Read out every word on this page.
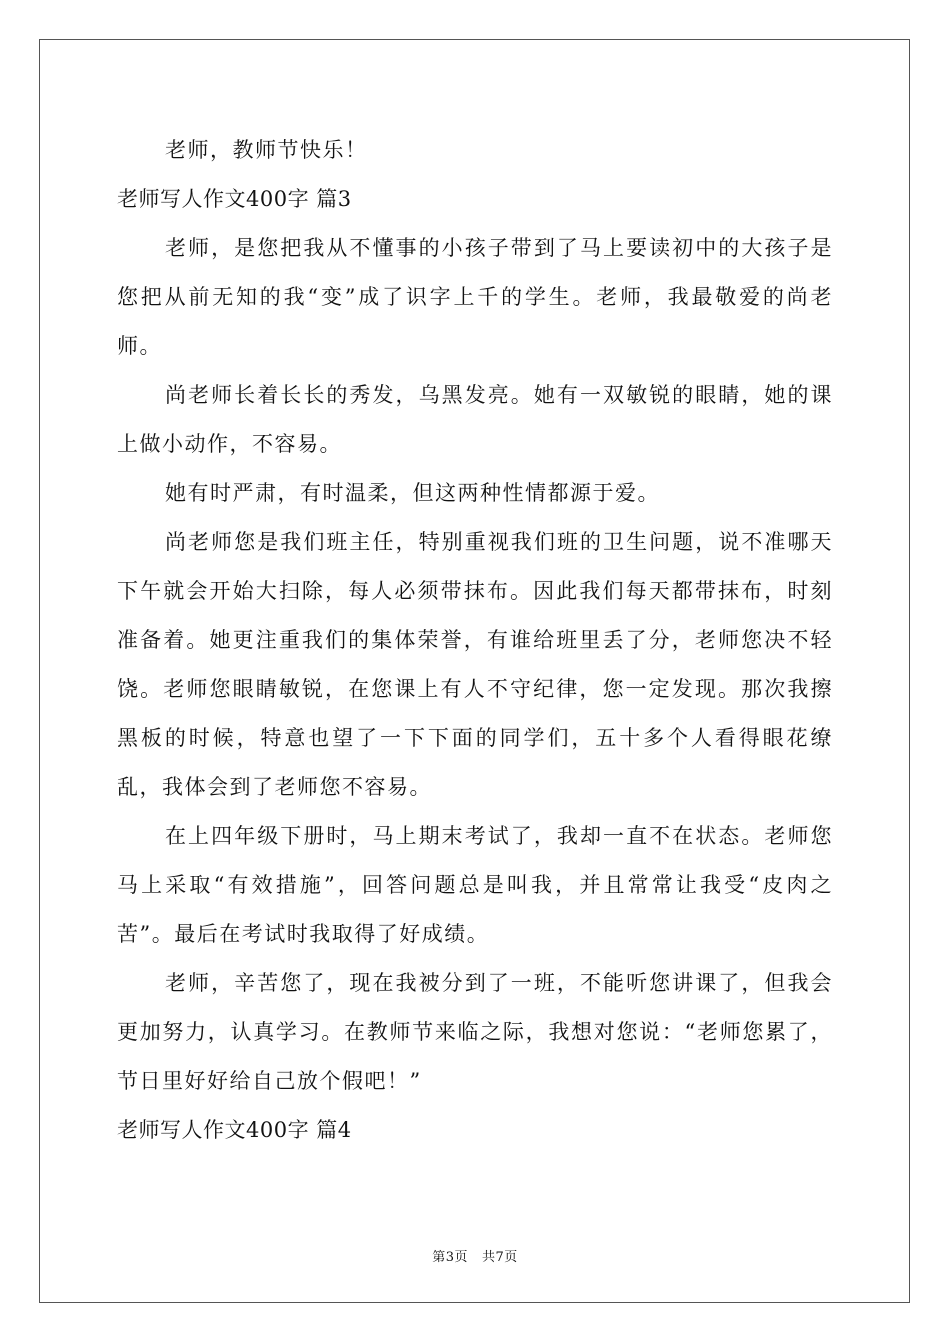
老师，教师节快乐！

老师写人作文400字 篇3

老师，是您把我从不懂事的小孩子带到了马上要读初中的大孩子是您把从前无知的我“变”成了识字上千的学生。老师，我最敬爱的尚老师。

尚老师长着长长的秀发，乌黑发亮。她有一双敏锐的眼睛，她的课上做小动作，不容易。

她有时严肃，有时温柔，但这两种性情都源于爱。

尚老师您是我们班主任，特别重视我们班的卫生问题，说不准哪天下午就会开始大扫除，每人必须带抹布。因此我们每天都带抹布，时刻准备着。她更注重我们的集体荣誉，有谁给班里丢了分，老师您决不轻饶。老师您眼睛敏锐，在您课上有人不守纪律，您一定发现。那次我擦黑板的时候，特意也望了一下下面的同学们，五十多个人看得眼花缭乱，我体会到了老师您不容易。

在上四年级下册时，马上期末考试了，我却一直不在状态。老师您马上采取“有效措施”，回答问题总是叫我，并且常常让我受“皮肉之苦”。最后在考试时我取得了好成绩。

老师，辛苦您了，现在我被分到了一班，不能听您讲课了，但我会更加努力，认真学习。在教师节来临之际，我想对您说：“老师您累了，节日里好好给自己放个假吧！”

老师写人作文400字 篇4

第3页 共7页
